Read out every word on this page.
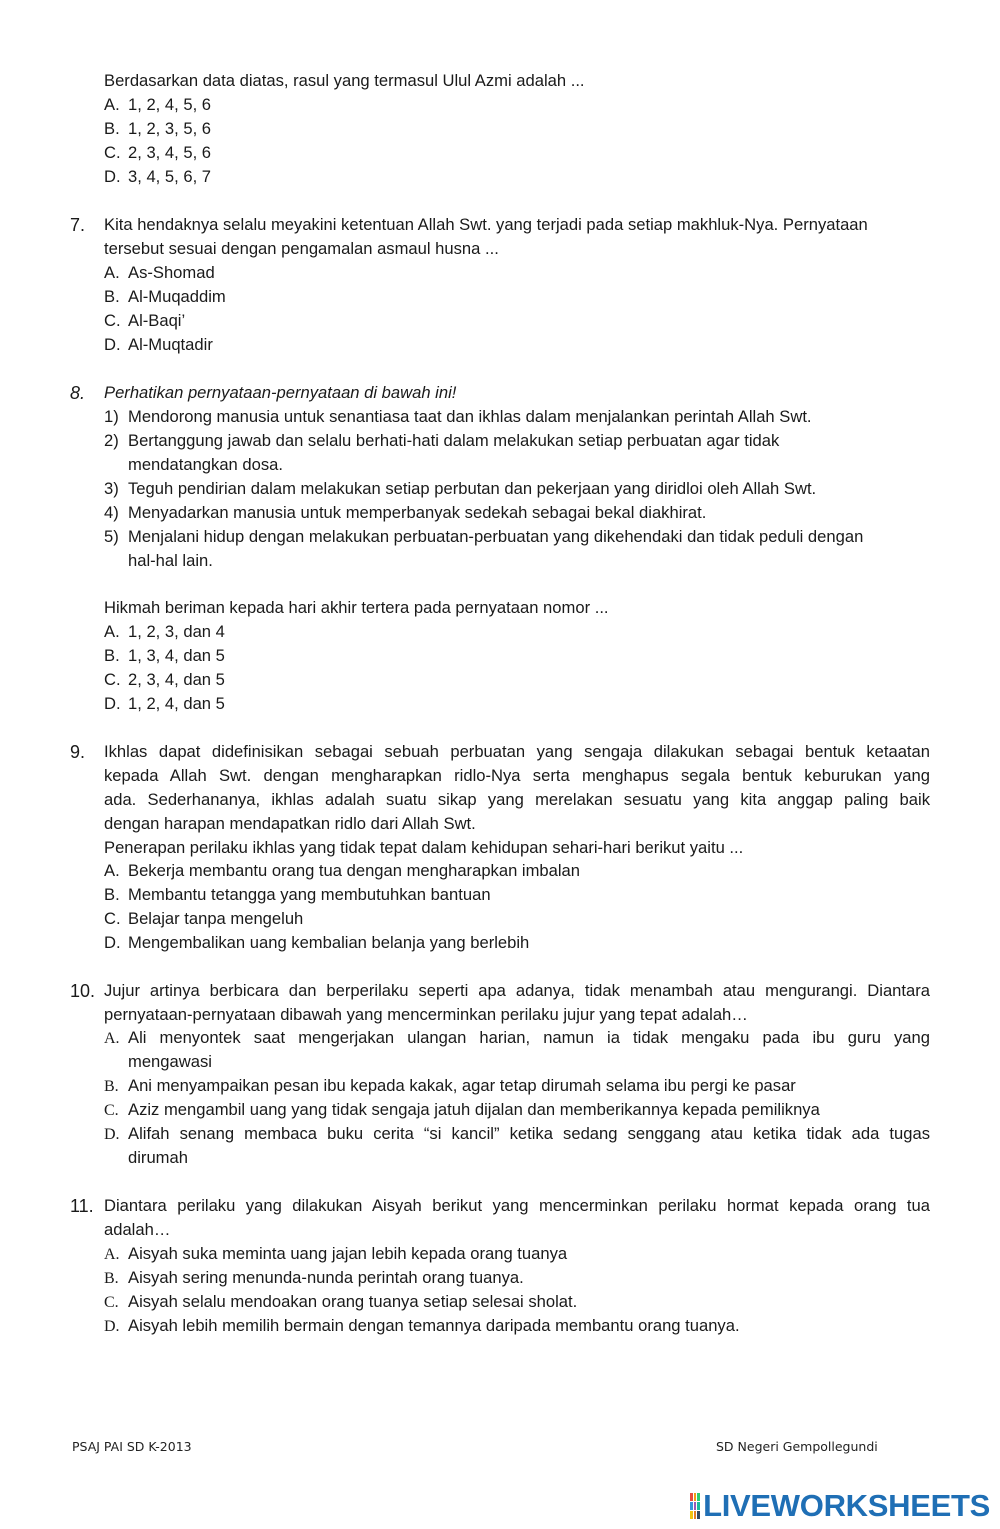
Berdasarkan data diatas, rasul yang termasul Ulul Azmi adalah ...
A. 1, 2, 4, 5, 6
B. 1, 2, 3, 5, 6
C. 2, 3, 4, 5, 6
D. 3, 4, 5, 6, 7
7. Kita hendaknya selalu meyakini ketentuan Allah Swt. yang terjadi pada setiap makhluk-Nya. Pernyataan
tersebut sesuai dengan pengamalan asmaul husna ...
A. As-Shomad
B. Al-Muqaddim
C. Al-Baqi’
D. Al-Muqtadir
8. Perhatikan pernyataan-pernyataan di bawah ini!
1) Mendorong manusia untuk senantiasa taat dan ikhlas dalam menjalankan perintah Allah Swt.
2) Bertanggung jawab dan selalu berhati-hati dalam melakukan setiap perbuatan agar tidak
mendatangkan dosa.
3) Teguh pendirian dalam melakukan setiap perbutan dan pekerjaan yang diridloi oleh Allah Swt.
4) Menyadarkan manusia untuk memperbanyak sedekah sebagai bekal diakhirat.
5) Menjalani hidup dengan melakukan perbuatan-perbuatan yang dikehendaki dan tidak peduli dengan
hal-hal lain.
Hikmah beriman kepada hari akhir tertera pada pernyataan nomor ...
A. 1, 2, 3, dan 4
B. 1, 3, 4, dan 5
C. 2, 3, 4, dan 5
D. 1, 2, 4, dan 5
9. Ikhlas dapat didefinisikan sebagai sebuah perbuatan yang sengaja dilakukan sebagai bentuk ketaatan
kepada Allah Swt. dengan mengharapkan ridlo-Nya serta menghapus segala bentuk keburukan yang
ada. Sederhananya, ikhlas adalah suatu sikap yang merelakan sesuatu yang kita anggap paling baik
dengan harapan mendapatkan ridlo dari Allah Swt.
Penerapan perilaku ikhlas yang tidak tepat dalam kehidupan sehari-hari berikut yaitu ...
A. Bekerja membantu orang tua dengan mengharapkan imbalan
B. Membantu tetangga yang membutuhkan bantuan
C. Belajar tanpa mengeluh
D. Mengembalikan uang kembalian belanja yang berlebih
10. Jujur artinya berbicara dan berperilaku seperti apa adanya, tidak menambah atau mengurangi. Diantara
pernyataan-pernyataan dibawah yang mencerminkan perilaku jujur yang tepat adalah…
A. Ali menyontek saat mengerjakan ulangan harian, namun ia tidak mengaku pada ibu guru yang
mengawasi
B. Ani menyampaikan pesan ibu kepada kakak, agar tetap dirumah selama ibu pergi ke pasar
C. Aziz mengambil uang yang tidak sengaja jatuh dijalan dan memberikannya kepada pemiliknya
D. Alifah senang membaca buku cerita “si kancil” ketika sedang senggang atau ketika tidak ada tugas
dirumah
11. Diantara perilaku yang dilakukan Aisyah berikut yang mencerminkan perilaku hormat kepada orang tua
adalah…
A. Aisyah suka meminta uang jajan lebih kepada orang tuanya
B. Aisyah sering menunda-nunda perintah orang tuanya.
C. Aisyah selalu mendoakan orang tuanya setiap selesai sholat.
D. Aisyah lebih memilih bermain dengan temannya daripada membantu orang tuanya.
PSAJ PAI SD K-2013	SD Negeri Gempollegundi
LIVEWORKSHEETS
